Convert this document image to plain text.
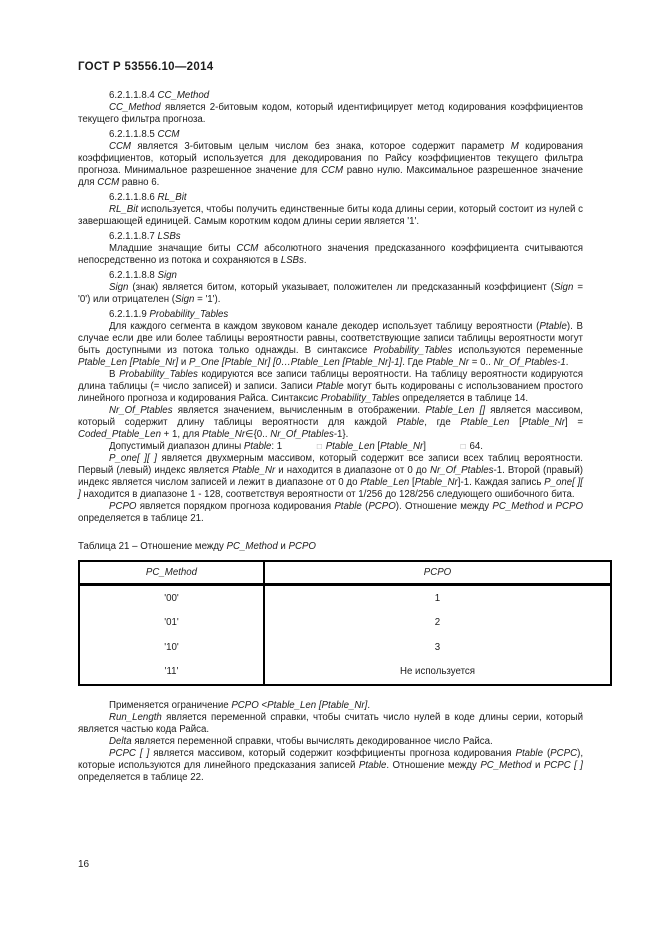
ГОСТ Р 53556.10—2014

6.2.1.1.8.4 CC_Method

CC_Method является 2-битовым кодом, который идентифицирует метод кодирования коэффициентов текущего фильтра прогноза.

6.2.1.1.8.5 ССМ

ССМ является 3-битовым целым числом без знака, которое содержит параметр М кодирования коэффициентов, который используется для декодирования по Райсу коэффициентов текущего фильтра прогноза. Минимальное разрешенное значение для ССМ равно нулю. Максимальное разрешенное значение для ССМ равно 6.

6.2.1.1.8.6 RL_Bit

RL_Bit используется, чтобы получить единственные биты кода длины серии, который состоит из нулей с завершающей единицей. Самым коротким кодом длины серии является '1'.

6.2.1.1.8.7 LSBs

Младшие значащие биты ССМ абсолютного значения предсказанного коэффициента считываются непосредственно из потока и сохраняются в LSBs.

6.2.1.1.8.8 Sign

Sign (знак) является битом, который указывает, положителен ли предсказанный коэффициент (Sign = '0') или отрицателен (Sign = '1').

6.2.1.1.9 Probability_Tables

Для каждого сегмента в каждом звуковом канале декодер использует таблицу вероятности (Ptable). В случае если две или более таблицы вероятности равны, соответствующие записи таблицы вероятности могут быть доступными из потока только однажды. В синтаксисе Probability_Tables используются переменные Ptable_Len [Ptable_Nr] и P_One [Ptable_Nr] [0…Ptable_Len [Ptable_Nr]-1]. Где Ptable_Nr = 0.. Nr_Of_Ptables-1.

В Probability_Tables кодируются все записи таблицы вероятности. На таблицу вероятности кодируются длина таблицы (= число записей) и записи. Записи Ptable могут быть кодированы с использованием простого линейного прогноза и кодирования Райса. Синтаксис Probability_Tables определяется в таблице 14.

Nr_Of_Ptables является значением, вычисленным в отображении. Ptable_Len [] является массивом, который содержит длину таблицы вероятности для каждой Ptable, где Ptable_Len [Ptable_Nr] = Coded_Ptable_Len + 1, для Ptable_Nr∈{0.. Nr_Of_Ptables-1}.

Допустимый диапазон длины Ptable: 1	□ Ptable_Len [Ptable_Nr]	□ 64.

P_one[ ][ ] является двухмерным массивом, который содержит все записи всех таблиц вероятности. Первый (левый) индекс является Ptable_Nr и находится в диапазоне от 0 до Nr_Of_Ptables-1. Второй (правый) индекс является числом записей и лежит в диапазоне от 0 до Ptable_Len [Ptable_Nr]-1. Каждая запись P_one[ ][ ] находится в диапазоне 1 - 128, соответствуя вероятности от 1/256 до 128/256 следующего ошибочного бита.

PCPO является порядком прогноза кодирования Ptable (PCPO). Отношение между PC_Method и PCPO определяется в таблице 21.

Таблица 21 – Отношение между PC_Method и PCPO

PC_Method	PCPO
'00'	1
'01'	2
'10'	3
'11'	Не используется

Применяется ограничение PCPO <Ptable_Len [Ptable_Nr].

Run_Length является переменной справки, чтобы считать число нулей в коде длины серии, который является частью кода Райса.

Delta является переменной справки, чтобы вычислять декодированное число Райса.

PCPC [ ] является массивом, который содержит коэффициенты прогноза кодирования Ptable (PCPC), которые используются для линейного предсказания записей Ptable. Отношение между PC_Method и PCPC [ ] определяется в таблице 22.

16
